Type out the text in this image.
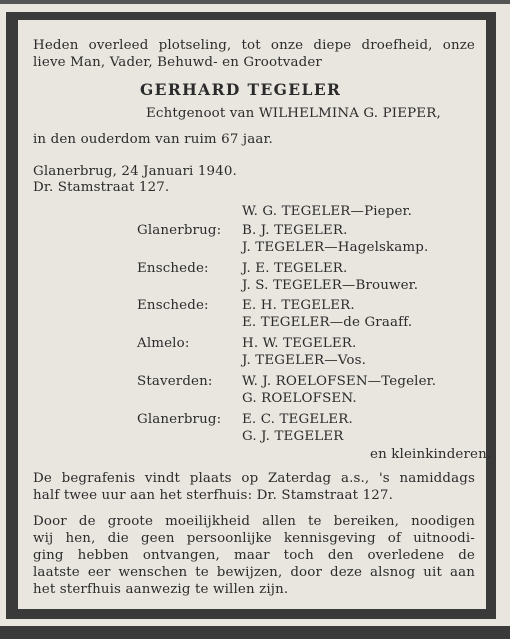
Heden overleed plotseling, tot onze diepe droefheid, onze
lieve Man, Vader, Behuwd- en Grootvader
GERHARD TEGELER
Echtgenoot van WILHELMINA G. PIEPER,
in den ouderdom van ruim 67 jaar.
Glanerbrug, 24 Januari 1940.
Dr. Stamstraat 127.
W. G. TEGELER—Pieper.
Glanerbrug: B. J. TEGELER.
J. TEGELER—Hagelskamp.
Enschede: J. E. TEGELER.
J. S. TEGELER—Brouwer.
Enschede: E. H. TEGELER.
E. TEGELER—de Graaff.
Almelo:	H. W. TEGELER.
J. TEGELER—Vos.
Staverden: W. J. ROELOFSEN—Tegeler.
G. ROELOFSEN.
Glanerbrug: E. C. TEGELER.
G. J. TEGELER
en kleinkinderen.
De begrafenis vindt plaats op Zaterdag a.s., 's namiddags
half twee uur aan het sterfhuis: Dr. Stamstraat 127.
Door de groote moeilijkheid allen te bereiken, noodigen
wij hen, die geen persoonlijke kennisgeving of uitnoodi-
ging hebben ontvangen, maar toch den overledene de
laatste eer wenschen te bewijzen, door deze alsnog uit aan
het sterfhuis aanwezig te willen zijn.
